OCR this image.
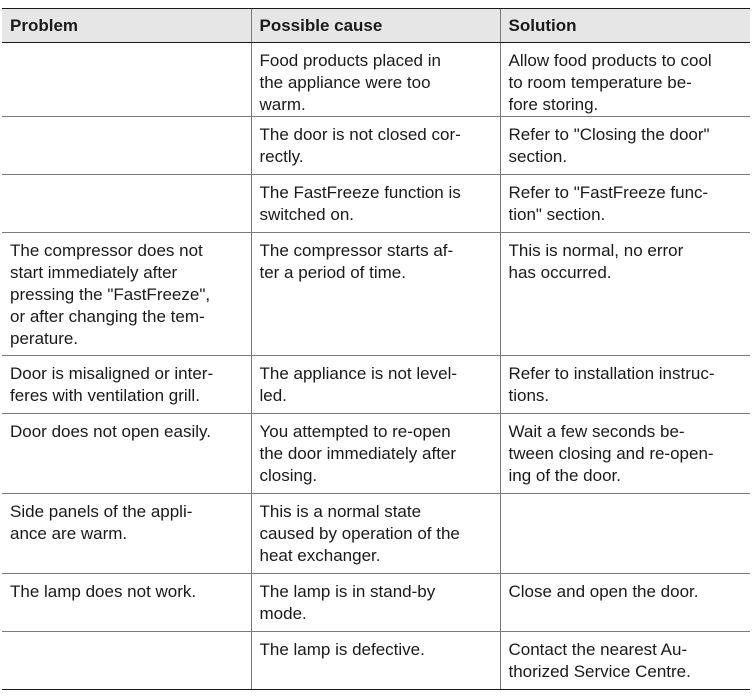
Problem	Possible cause	Solution

	Food products placed in
the appliance were too
warm.	Allow food products to cool
to room temperature be-
fore storing.

	The door is not closed cor-
rectly.	Refer to "Closing the door"
section.

	The FastFreeze function is
switched on.	Refer to "FastFreeze func-
tion" section.

The compressor does not
start immediately after
pressing the "FastFreeze",
or after changing the tem-
perature.	The compressor starts af-
ter a period of time.	This is normal, no error
has occurred.

Door is misaligned or inter-
feres with ventilation grill.	The appliance is not level-
led.	Refer to installation instruc-
tions.

Door does not open easily.	You attempted to re-open
the door immediately after
closing.	Wait a few seconds be-
tween closing and re-open-
ing of the door.

Side panels of the appli-
ance are warm.	This is a normal state
caused by operation of the
heat exchanger.	

The lamp does not work.	The lamp is in stand-by
mode.	Close and open the door.

	The lamp is defective.	Contact the nearest Au-
thorized Service Centre.
